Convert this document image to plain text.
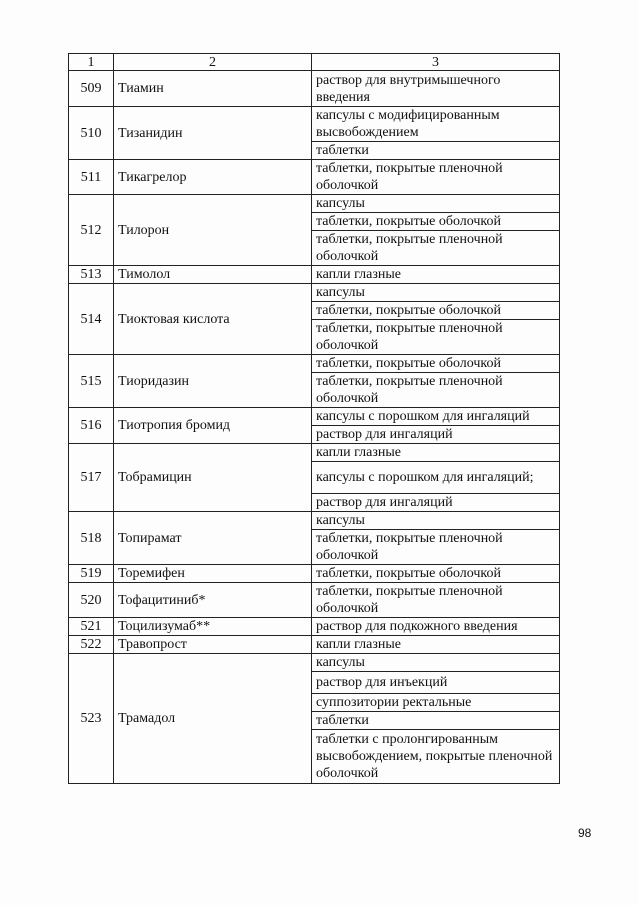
1	2	3
509	Тиамин	раствор для внутримышечного введения
510	Тизанидин	капсулы с модифицированным высвобождением
		таблетки
511	Тикагрелор	таблетки, покрытые пленочной оболочкой
512	Тилорон	капсулы
		таблетки, покрытые оболочкой
		таблетки, покрытые пленочной оболочкой
513	Тимолол	капли глазные
514	Тиоктовая кислота	капсулы
		таблетки, покрытые оболочкой
		таблетки, покрытые пленочной оболочкой
515	Тиоридазин	таблетки, покрытые оболочкой
		таблетки, покрытые пленочной оболочкой
516	Тиотропия бромид	капсулы с порошком для ингаляций
		раствор для ингаляций
517	Тобрамицин	капли глазные
		капсулы с порошком для ингаляций;
		раствор для ингаляций
518	Топирамат	капсулы
		таблетки, покрытые пленочной оболочкой
519	Торемифен	таблетки, покрытые оболочкой
520	Тофацитиниб*	таблетки, покрытые пленочной оболочкой
521	Тоцилизумаб**	раствор для подкожного введения
522	Травопрост	капли глазные
523	Трамадол	капсулы
		раствор для инъекций
		суппозитории ректальные
		таблетки
		таблетки с пролонгированным высвобождением, покрытые пленочной оболочкой
98
